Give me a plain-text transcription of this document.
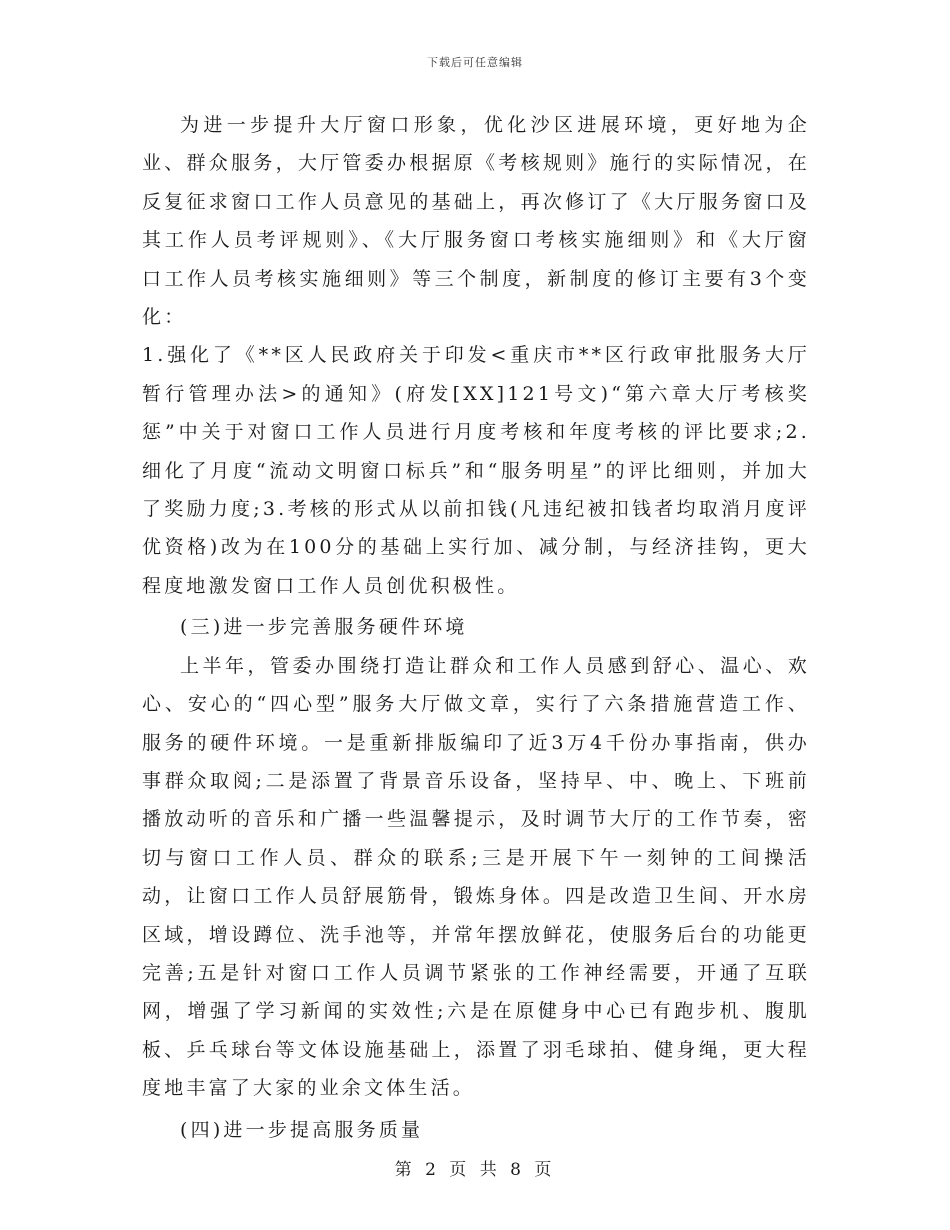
下载后可任意编辑

为进一步提升大厅窗口形象，优化沙区进展环境，更好地为企业、群众服务，大厅管委办根据原《考核规则》施行的实际情况，在反复征求窗口工作人员意见的基础上，再次修订了《大厅服务窗口及其工作人员考评规则》、《大厅服务窗口考核实施细则》和《大厅窗口工作人员考核实施细则》等三个制度，新制度的修订主要有3个变化：

1.强化了《**区人民政府关于印发<重庆市**区行政审批服务大厅暂行管理办法>的通知》(府发[XX]121号文)“第六章大厅考核奖惩”中关于对窗口工作人员进行月度考核和年度考核的评比要求;2.细化了月度“流动文明窗口标兵”和“服务明星”的评比细则，并加大了奖励力度;3.考核的形式从以前扣钱(凡违纪被扣钱者均取消月度评优资格)改为在100分的基础上实行加、减分制，与经济挂钩，更大程度地激发窗口工作人员创优积极性。

(三)进一步完善服务硬件环境

上半年，管委办围绕打造让群众和工作人员感到舒心、温心、欢心、安心的“四心型”服务大厅做文章，实行了六条措施营造工作、服务的硬件环境。一是重新排版编印了近3万4千份办事指南，供办事群众取阅;二是添置了背景音乐设备，坚持早、中、晚上、下班前播放动听的音乐和广播一些温馨提示，及时调节大厅的工作节奏，密切与窗口工作人员、群众的联系;三是开展下午一刻钟的工间操活动，让窗口工作人员舒展筋骨，锻炼身体。四是改造卫生间、开水房区域，增设蹲位、洗手池等，并常年摆放鲜花，使服务后台的功能更完善;五是针对窗口工作人员调节紧张的工作神经需要，开通了互联网，增强了学习新闻的实效性;六是在原健身中心已有跑步机、腹肌板、乒乓球台等文体设施基础上，添置了羽毛球拍、健身绳，更大程度地丰富了大家的业余文体生活。

(四)进一步提高服务质量

第 2 页 共 8 页
